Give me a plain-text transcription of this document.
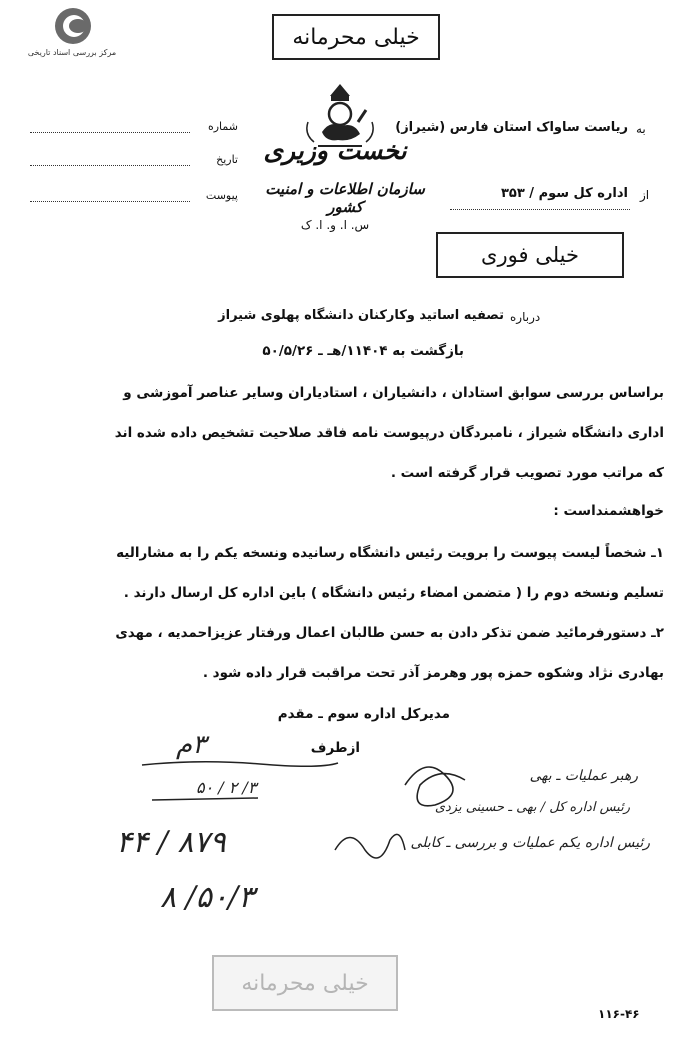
مرکز بررسی اسناد تاریخی
خیلی محرمانه
نخست وزیری
سازمان اطلاعات و امنیت کشور
س. ا. و. ا. ک
شماره
تاریخ
پیوست
به
ریاست ساواک استان فارس (شیراز)
از
اداره کل سوم / ۳۵۳
خیلی فوری
درباره
تصفیه اساتید وکارکنان دانشگاه پهلوی شیراز
بازگشت به ۱۱۴۰۴/هـ ـ ۵۰/۵/۲۶
براساس بررسی سوابق استادان ، دانشیاران ، استادیاران وسایر عناصر آموزشی و
اداری دانشگاه شیراز ، نامبردگان درپیوست نامه فاقد صلاحیت تشخیص داده شده اند
که مراتب مورد تصویب قرار گرفته است .
خواهشمنداست :
۱ـ شخصاً لیست پیوست را برویت رئیس دانشگاه رسانیده ونسخه یکم را به مشارالیه
تسلیم ونسخه دوم را ( متضمن امضاء رئیس دانشگاه ) باین اداره کل ارسال دارند .
۲ـ دستورفرمائید ضمن تذکر دادن به حسن طالبان اعمال ورفتار عزیزاحمدیه ، مهدی
بهادری نژاد وشکوه حمزه پور وهرمز آذر تحت مراقبت قرار داده شود .
مدیرکل اداره سوم ـ مقدم
ازطرف
۳م
۳/ ۲ / ۵۰
رهبر عملیات ـ بهی
رئیس اداره کل / بهی ـ حسینی یزدی
رئیس اداره یکم عملیات و بررسی ـ کابلی
۸۷۹ / ۴۴
۵۰/۳/ ۸
خیلی محرمانه
۱۱۶-۴۶
